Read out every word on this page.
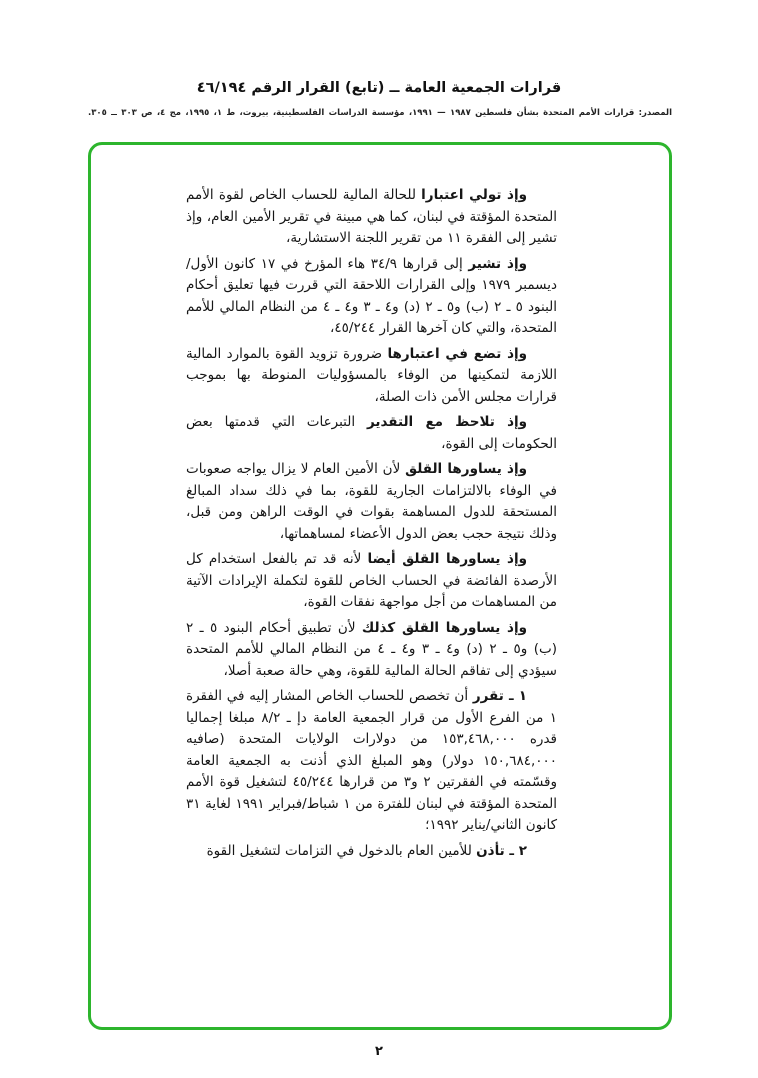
قرارات الجمعية العامة ــ (تابع) القرار الرقم ٤٦/١٩٤
المصدر: قرارات الأمم المتحدة بشأن فلسطين ١٩٨٧ — ١٩٩١، مؤسسة الدراسات الفلسطينية، بيروت، ط ١، ١٩٩٥، مج ٤، ص ٣٠٣ ــ ٣٠٥.

وإذ تولي اعتبارا للحالة المالية للحساب الخاص لقوة الأمم المتحدة المؤقتة في لبنان، كما هي مبينة في تقرير الأمين العام، وإذ تشير إلى الفقرة ١١ من تقرير اللجنة الاستشارية،

وإذ تشير إلى قرارها ٣٤/٩ هاء المؤرخ في ١٧ كانون الأول/ ديسمبر ١٩٧٩ وإلى القرارات اللاحقة التي قررت فيها تعليق أحكام البنود ٥ ـ ٢ (ب) و٥ ـ ٢ (د) و٤ ـ ٣ و٤ ـ ٤ من النظام المالي للأمم المتحدة، والتي كان آخرها القرار ٤٥/٢٤٤،

وإذ تضع في اعتبارها ضرورة تزويد القوة بالموارد المالية اللازمة لتمكينها من الوفاء بالمسؤوليات المنوطة بها بموجب قرارات مجلس الأمن ذات الصلة،

وإذ تلاحظ مع التقدير التبرعات التي قدمتها بعض الحكومات إلى القوة،

وإذ يساورها القلق لأن الأمين العام لا يزال يواجه صعوبات في الوفاء بالالتزامات الجارية للقوة، بما في ذلك سداد المبالغ المستحقة للدول المساهمة بقوات في الوقت الراهن ومن قبل، وذلك نتيجة حجب بعض الدول الأعضاء لمساهماتها،

وإذ يساورها القلق أيضا لأنه قد تم بالفعل استخدام كل الأرصدة الفائضة في الحساب الخاص للقوة لتكملة الإيرادات الآتية من المساهمات من أجل مواجهة نفقات القوة،

وإذ يساورها القلق كذلك لأن تطبيق أحكام البنود ٥ ـ ٢ (ب) و٥ ـ ٢ (د) و٤ ـ ٣ و٤ ـ ٤ من النظام المالي للأمم المتحدة سيؤدي إلى تفاقم الحالة المالية للقوة، وهي حالة صعبة أصلا،

١ ـ تقرر أن تخصص للحساب الخاص المشار إليه في الفقرة ١ من الفرع الأول من قرار الجمعية العامة دإ ـ ٨/٢ مبلغا إجماليا قدره ١٥٣,٤٦٨,٠٠٠ من دولارات الولايات المتحدة (صافيه ١٥٠,٦٨٤,٠٠٠ دولار) وهو المبلغ الذي أذنت به الجمعية العامة وقسّمته في الفقرتين ٢ و٣ من قرارها ٤٥/٢٤٤ لتشغيل قوة الأمم المتحدة المؤقتة في لبنان للفترة من ١ شباط/فبراير ١٩٩١ لغاية ٣١ كانون الثاني/يناير ١٩٩٢؛

٢ ـ تأذن للأمين العام بالدخول في التزامات لتشغيل القوة

٢
